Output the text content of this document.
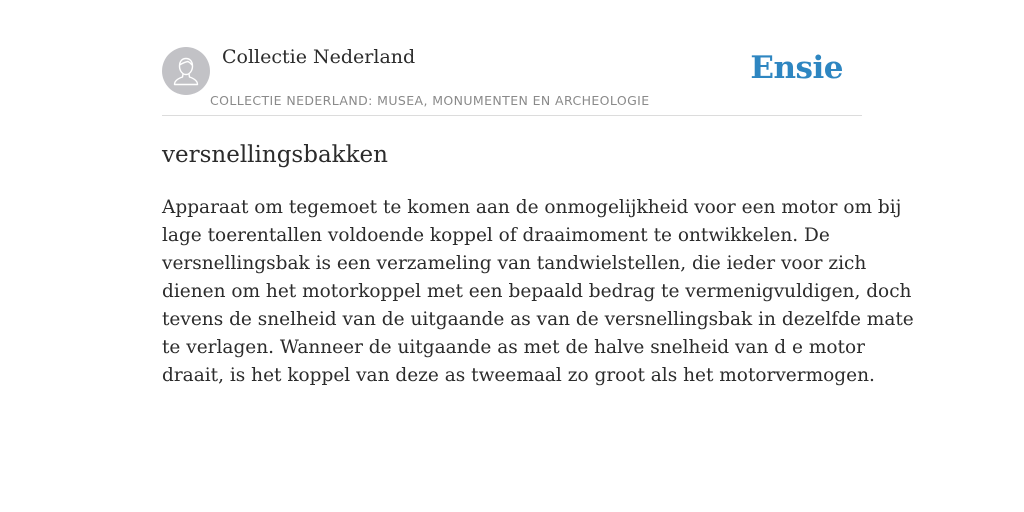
Collectie Nederland
COLLECTIE NEDERLAND: MUSEA, MONUMENTEN EN ARCHEOLOGIE
Ensie
versnellingsbakken
Apparaat om tegemoet te komen aan de onmogelijkheid voor een motor om bij
lage toerentallen voldoende koppel of draaimoment te ontwikkelen. De
versnellingsbak is een verzameling van tandwielstellen, die ieder voor zich
dienen om het motorkoppel met een bepaald bedrag te vermenigvuldigen, doch
tevens de snelheid van de uitgaande as van de versnellingsbak in dezelfde mate
te verlagen. Wanneer de uitgaande as met de halve snelheid van d e motor
draait, is het koppel van deze as tweemaal zo groot als het motorvermogen.
